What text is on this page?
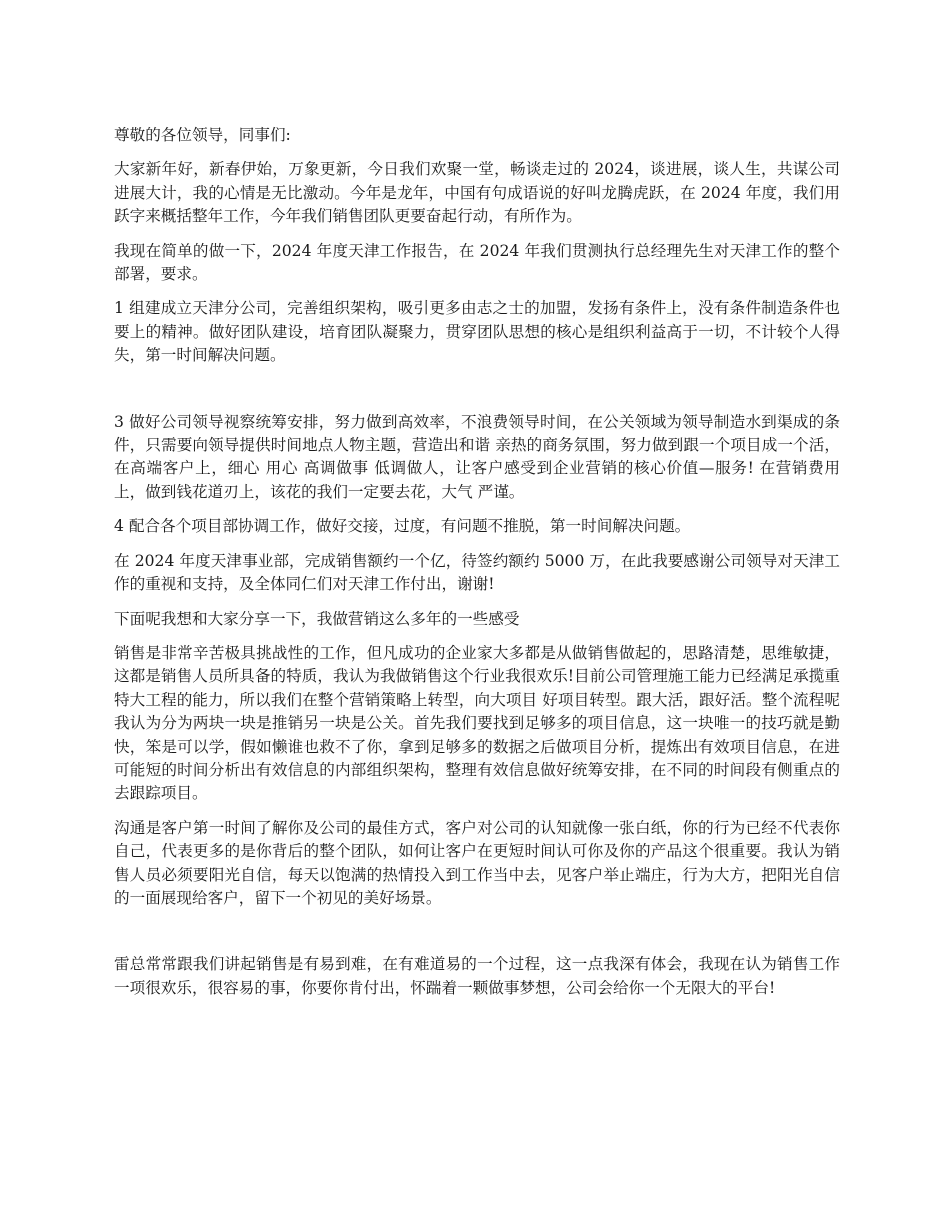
尊敬的各位领导，同事们:

大家新年好，新春伊始，万象更新，今日我们欢聚一堂，畅谈走过的 2024，谈进展，谈人生，共谋公司进展大计，我的心情是无比激动。今年是龙年，中国有句成语说的好叫龙腾虎跃，在 2024 年度，我们用跃字来概括整年工作，今年我们销售团队更要奋起行动，有所作为。

我现在简单的做一下，2024 年度天津工作报告，在 2024 年我们贯测执行总经理先生对天津工作的整个部署，要求。

1 组建成立天津分公司，完善组织架构，吸引更多由志之士的加盟，发扬有条件上，没有条件制造条件也要上的精神。做好团队建设，培育团队凝聚力，贯穿团队思想的核心是组织利益高于一切，不计较个人得失，第一时间解决问题。

3 做好公司领导视察统筹安排，努力做到高效率，不浪费领导时间，在公关领域为领导制造水到渠成的条件，只需要向领导提供时间地点人物主题，营造出和谐 亲热的商务氛围，努力做到跟一个项目成一个活，在高端客户上，细心 用心 高调做事 低调做人，让客户感受到企业营销的核心价值—服务! 在营销费用上，做到钱花道刃上，该花的我们一定要去花，大气 严谨。

4 配合各个项目部协调工作，做好交接，过度，有问题不推脱，第一时间解决问题。

在 2024 年度天津事业部，完成销售额约一个亿，待签约额约 5000 万，在此我要感谢公司领导对天津工作的重视和支持，及全体同仁们对天津工作付出，谢谢!

下面呢我想和大家分享一下，我做营销这么多年的一些感受

销售是非常辛苦极具挑战性的工作，但凡成功的企业家大多都是从做销售做起的，思路清楚，思维敏捷，这都是销售人员所具备的特质，我认为我做销售这个行业我很欢乐!目前公司管理施工能力已经满足承揽重特大工程的能力，所以我们在整个营销策略上转型，向大项目 好项目转型。跟大活，跟好活。整个流程呢我认为分为两块一块是推销另一块是公关。首先我们要找到足够多的项目信息，这一块唯一的技巧就是勤快，笨是可以学，假如懒谁也救不了你，拿到足够多的数据之后做项目分析，提炼出有效项目信息，在进可能短的时间分析出有效信息的内部组织架构，整理有效信息做好统筹安排，在不同的时间段有侧重点的去跟踪项目。

沟通是客户第一时间了解你及公司的最佳方式，客户对公司的认知就像一张白纸，你的行为已经不代表你自己，代表更多的是你背后的整个团队，如何让客户在更短时间认可你及你的产品这个很重要。我认为销售人员必须要阳光自信，每天以饱满的热情投入到工作当中去，见客户举止端庄，行为大方，把阳光自信的一面展现给客户，留下一个初见的美好场景。

雷总常常跟我们讲起销售是有易到难，在有难道易的一个过程，这一点我深有体会，我现在认为销售工作一项很欢乐，很容易的事，你要你肯付出，怀踹着一颗做事梦想，公司会给你一个无限大的平台!
